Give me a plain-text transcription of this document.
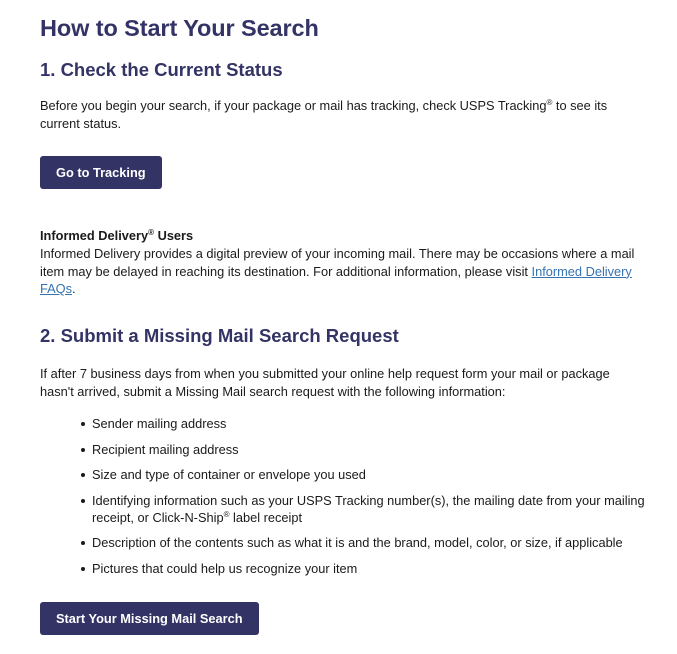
How to Start Your Search
1. Check the Current Status

Before you begin your search, if your package or mail has tracking, check USPS Tracking® to see its current status.

Go to Tracking

Informed Delivery® Users

Informed Delivery provides a digital preview of your incoming mail. There may be occasions where a mail item may be delayed in reaching its destination. For additional information, please visit Informed Delivery FAQs.

2. Submit a Missing Mail Search Request

If after 7 business days from when you submitted your online help request form your mail or package hasn't arrived, submit a Missing Mail search request with the following information:

Sender mailing address
Recipient mailing address
Size and type of container or envelope you used
Identifying information such as your USPS Tracking number(s), the mailing date from your mailing receipt, or Click-N-Ship® label receipt
Description of the contents such as what it is and the brand, model, color, or size, if applicable
Pictures that could help us recognize your item
Start Your Missing Mail Search
